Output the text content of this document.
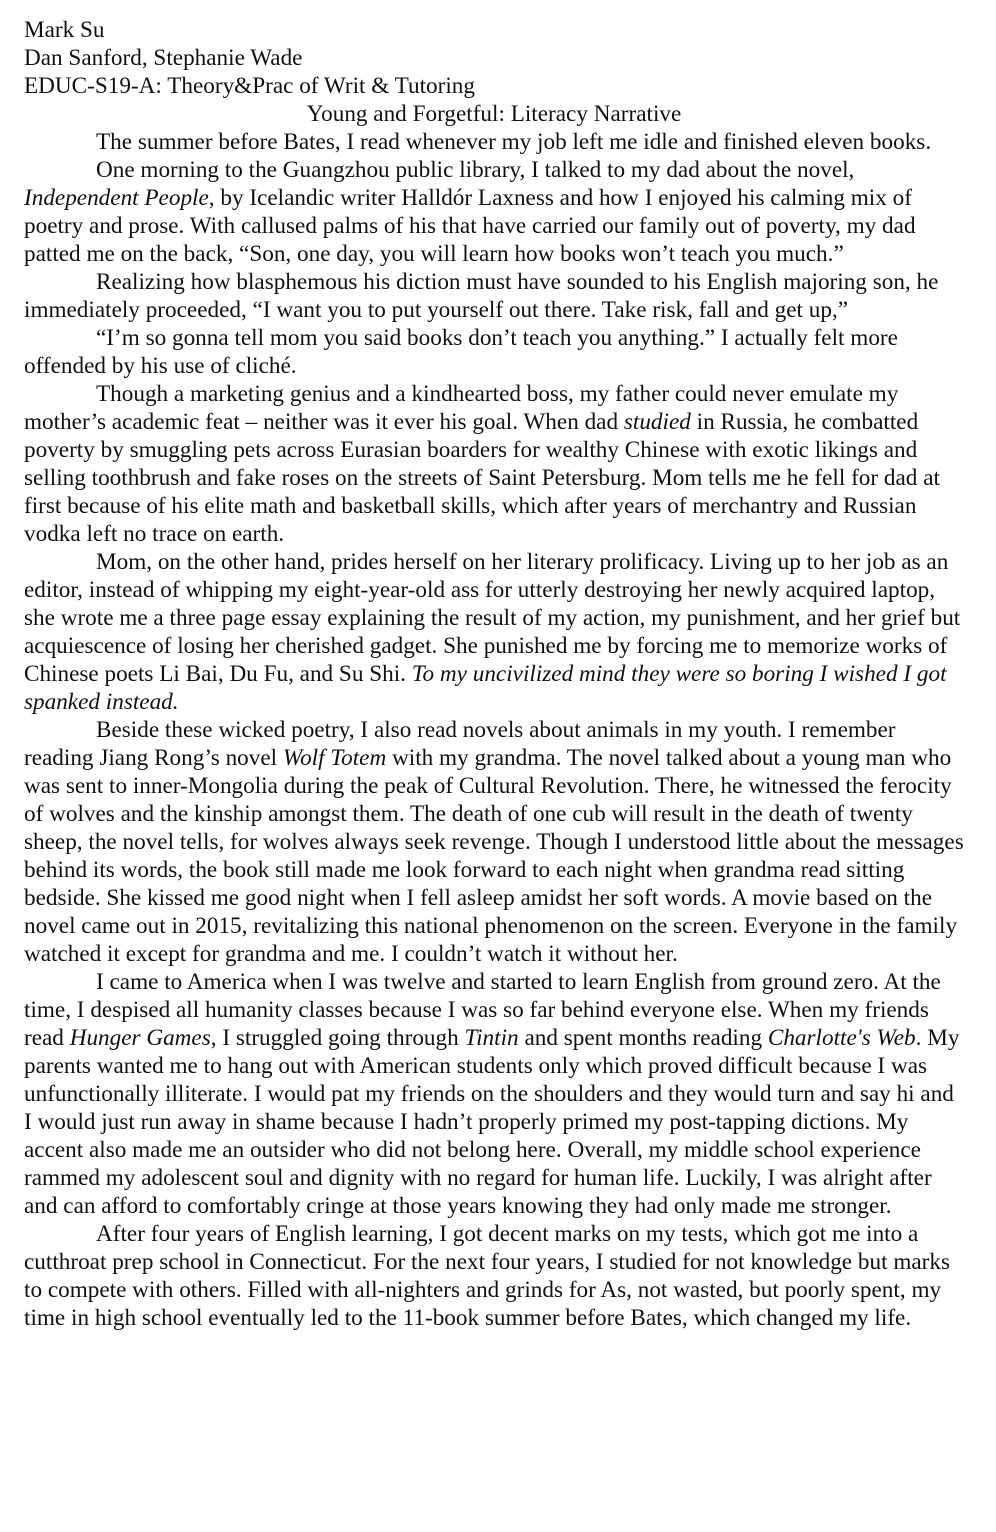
Mark Su

Dan Sanford, Stephanie Wade

EDUC-S19-A: Theory&Prac of Writ & Tutoring

Young and Forgetful: Literacy Narrative

The summer before Bates, I read whenever my job left me idle and finished eleven books.

One morning to the Guangzhou public library, I talked to my dad about the novel, Independent People, by Icelandic writer Halldór Laxness and how I enjoyed his calming mix of poetry and prose. With callused palms of his that have carried our family out of poverty, my dad patted me on the back, “Son, one day, you will learn how books won’t teach you much.”

Realizing how blasphemous his diction must have sounded to his English majoring son, he immediately proceeded, “I want you to put yourself out there. Take risk, fall and get up,”

“I’m so gonna tell mom you said books don’t teach you anything.” I actually felt more offended by his use of cliché.

Though a marketing genius and a kindhearted boss, my father could never emulate my mother’s academic feat – neither was it ever his goal. When dad studied in Russia, he combatted poverty by smuggling pets across Eurasian boarders for wealthy Chinese with exotic likings and selling toothbrush and fake roses on the streets of Saint Petersburg. Mom tells me he fell for dad at first because of his elite math and basketball skills, which after years of merchantry and Russian vodka left no trace on earth.

Mom, on the other hand, prides herself on her literary prolificacy. Living up to her job as an editor, instead of whipping my eight-year-old ass for utterly destroying her newly acquired laptop, she wrote me a three page essay explaining the result of my action, my punishment, and her grief but acquiescence of losing her cherished gadget. She punished me by forcing me to memorize works of Chinese poets Li Bai, Du Fu, and Su Shi. To my uncivilized mind they were so boring I wished I got spanked instead.

Beside these wicked poetry, I also read novels about animals in my youth. I remember reading Jiang Rong’s novel Wolf Totem with my grandma. The novel talked about a young man who was sent to inner-Mongolia during the peak of Cultural Revolution. There, he witnessed the ferocity of wolves and the kinship amongst them. The death of one cub will result in the death of twenty sheep, the novel tells, for wolves always seek revenge. Though I understood little about the messages behind its words, the book still made me look forward to each night when grandma read sitting bedside. She kissed me good night when I fell asleep amidst her soft words. A movie based on the novel came out in 2015, revitalizing this national phenomenon on the screen. Everyone in the family watched it except for grandma and me. I couldn’t watch it without her.

I came to America when I was twelve and started to learn English from ground zero. At the time, I despised all humanity classes because I was so far behind everyone else. When my friends read Hunger Games, I struggled going through Tintin and spent months reading Charlotte's Web. My parents wanted me to hang out with American students only which proved difficult because I was unfunctionally illiterate. I would pat my friends on the shoulders and they would turn and say hi and I would just run away in shame because I hadn’t properly primed my post-tapping dictions. My accent also made me an outsider who did not belong here. Overall, my middle school experience rammed my adolescent soul and dignity with no regard for human life. Luckily, I was alright after and can afford to comfortably cringe at those years knowing they had only made me stronger.

After four years of English learning, I got decent marks on my tests, which got me into a cutthroat prep school in Connecticut. For the next four years, I studied for not knowledge but marks to compete with others. Filled with all-nighters and grinds for As, not wasted, but poorly spent, my time in high school eventually led to the 11-book summer before Bates, which changed my life.
